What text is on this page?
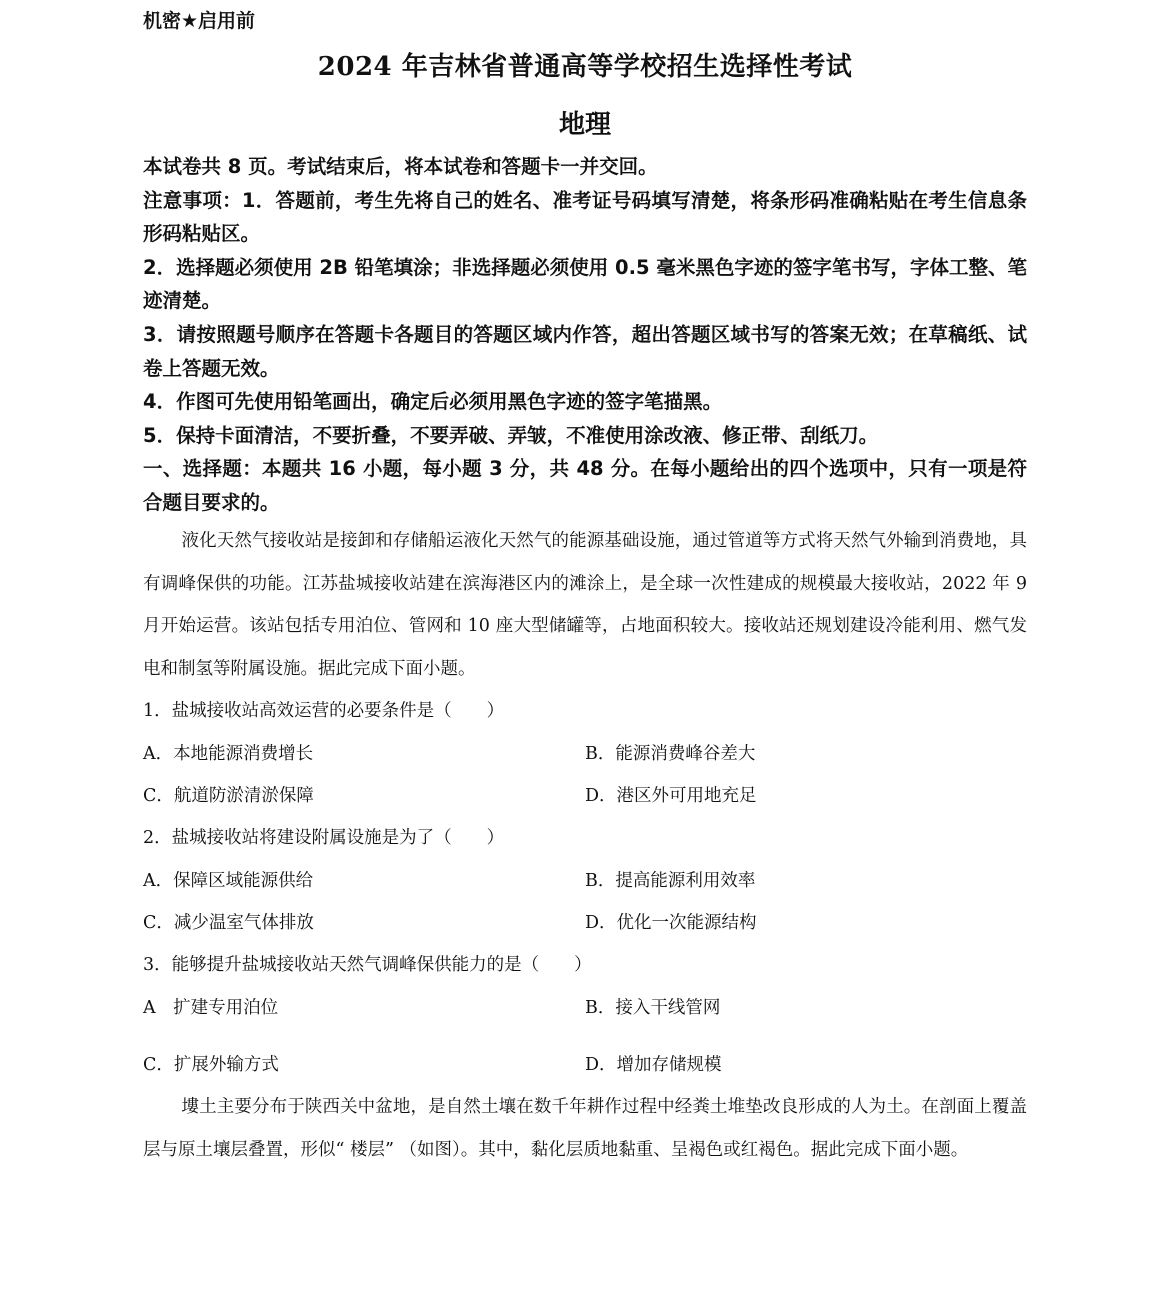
机密★启用前
2024 年吉林省普通高等学校招生选择性考试
地理

本试卷共 8 页。考试结束后，将本试卷和答题卡一并交回。

注意事项：1．答题前，考生先将自己的姓名、准考证号码填写清楚，将条形码准确粘贴在考生信息条形码粘贴区。

2．选择题必须使用 2B 铅笔填涂；非选择题必须使用 0.5 毫米黑色字迹的签字笔书写，字体工整、笔迹清楚。

3．请按照题号顺序在答题卡各题目的答题区域内作答，超出答题区域书写的答案无效；在草稿纸、试卷上答题无效。

4．作图可先使用铅笔画出，确定后必须用黑色字迹的签字笔描黑。

5．保持卡面清洁，不要折叠，不要弄破、弄皱，不准使用涂改液、修正带、刮纸刀。

一、选择题：本题共 16 小题，每小题 3 分，共 48 分。在每小题给出的四个选项中，只有一项是符合题目要求的。

液化天然气接收站是接卸和存储船运液化天然气的能源基础设施，通过管道等方式将天然气外输到消费地，具有调峰保供的功能。江苏盐城接收站建在滨海港区内的滩涂上，是全球一次性建成的规模最大接收站，2022 年 9 月开始运营。该站包括专用泊位、管网和 10 座大型储罐等，占地面积较大。接收站还规划建设冷能利用、燃气发电和制氢等附属设施。据此完成下面小题。

1．盐城接收站高效运营的必要条件是（　　）
A．本地能源消费增长	B．能源消费峰谷差大
C．航道防淤清淤保障	D．港区外可用地充足
2．盐城接收站将建设附属设施是为了（　　）
A．保障区域能源供给	B．提高能源利用效率
C．减少温室气体排放	D．优化一次能源结构
3．能够提升盐城接收站天然气调峰保供能力的是（　　）
A　扩建专用泊位	B．接入干线管网
C．扩展外输方式	D．增加存储规模

塿土主要分布于陕西关中盆地，是自然土壤在数千年耕作过程中经粪土堆垫改良形成的人为土。在剖面上覆盖层与原土壤层叠置，形似“ 楼层” （如图）。其中，黏化层质地黏重、呈褐色或红褐色。据此完成下面小题。
